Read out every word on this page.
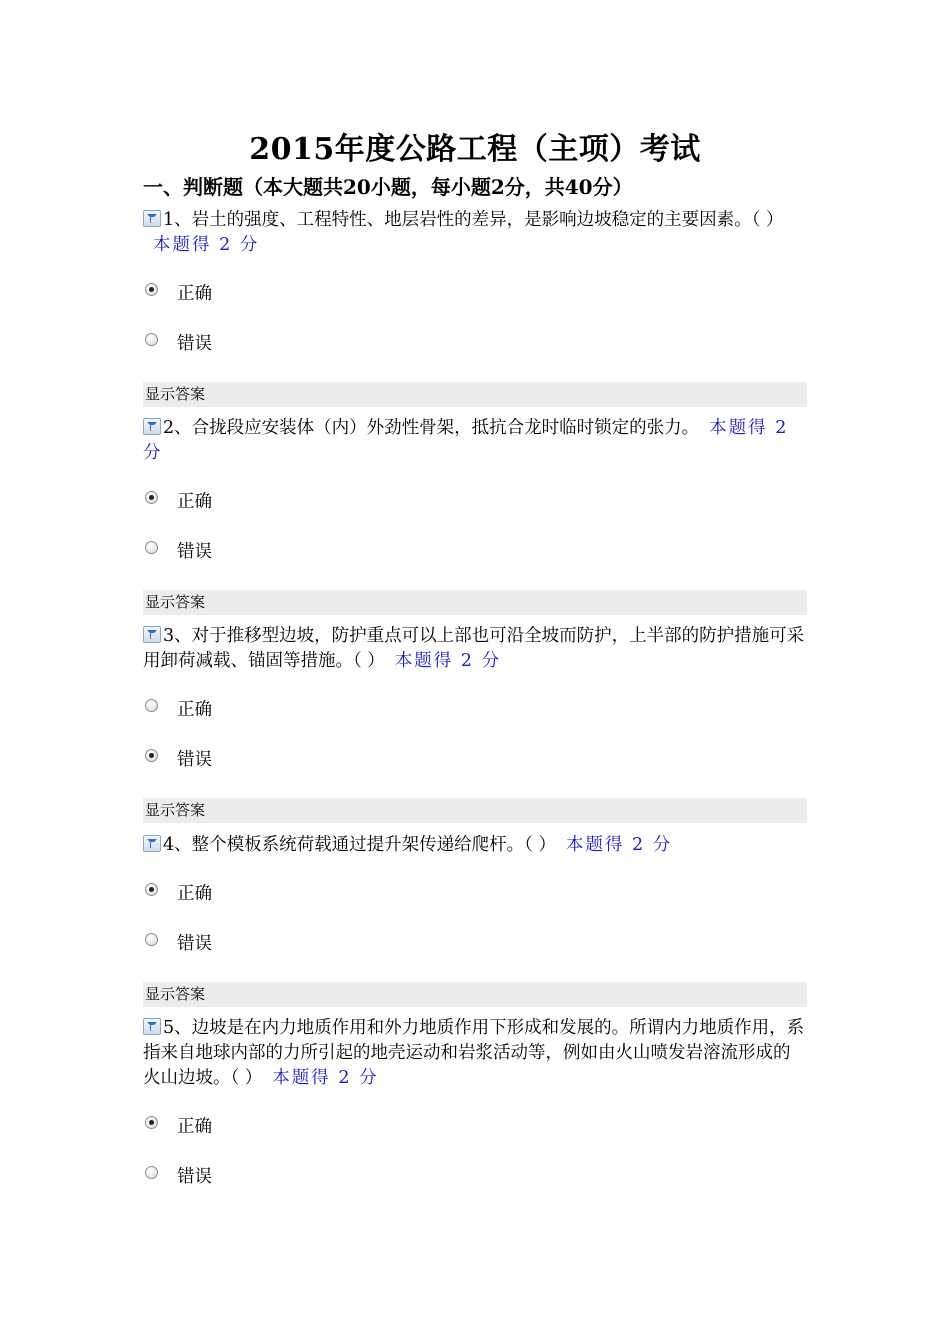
2015年度公路工程（主项）考试
一、判断题（本大题共20小题，每小题2分，共40分）

1、岩土的强度、工程特性、地层岩性的差异，是影响边坡稳定的主要因素。（ ）本题得 2 分

正确
错误
显示答案

2、合拢段应安装体（内）外劲性骨架，抵抗合龙时临时锁定的张力。 本题得 2 分

正确
错误
显示答案

3、对于推移型边坡，防护重点可以上部也可沿全坡而防护，上半部的防护措施可采用卸荷减载、锚固等措施。（ ） 本题得 2 分

正确
错误
显示答案

4、整个模板系统荷载通过提升架传递给爬杆。（ ） 本题得 2 分

正确
错误
显示答案

5、边坡是在内力地质作用和外力地质作用下形成和发展的。所谓内力地质作用，系指来自地球内部的力所引起的地壳运动和岩浆活动等，例如由火山喷发岩溶流形成的火山边坡。（ ） 本题得 2 分

正确
错误
